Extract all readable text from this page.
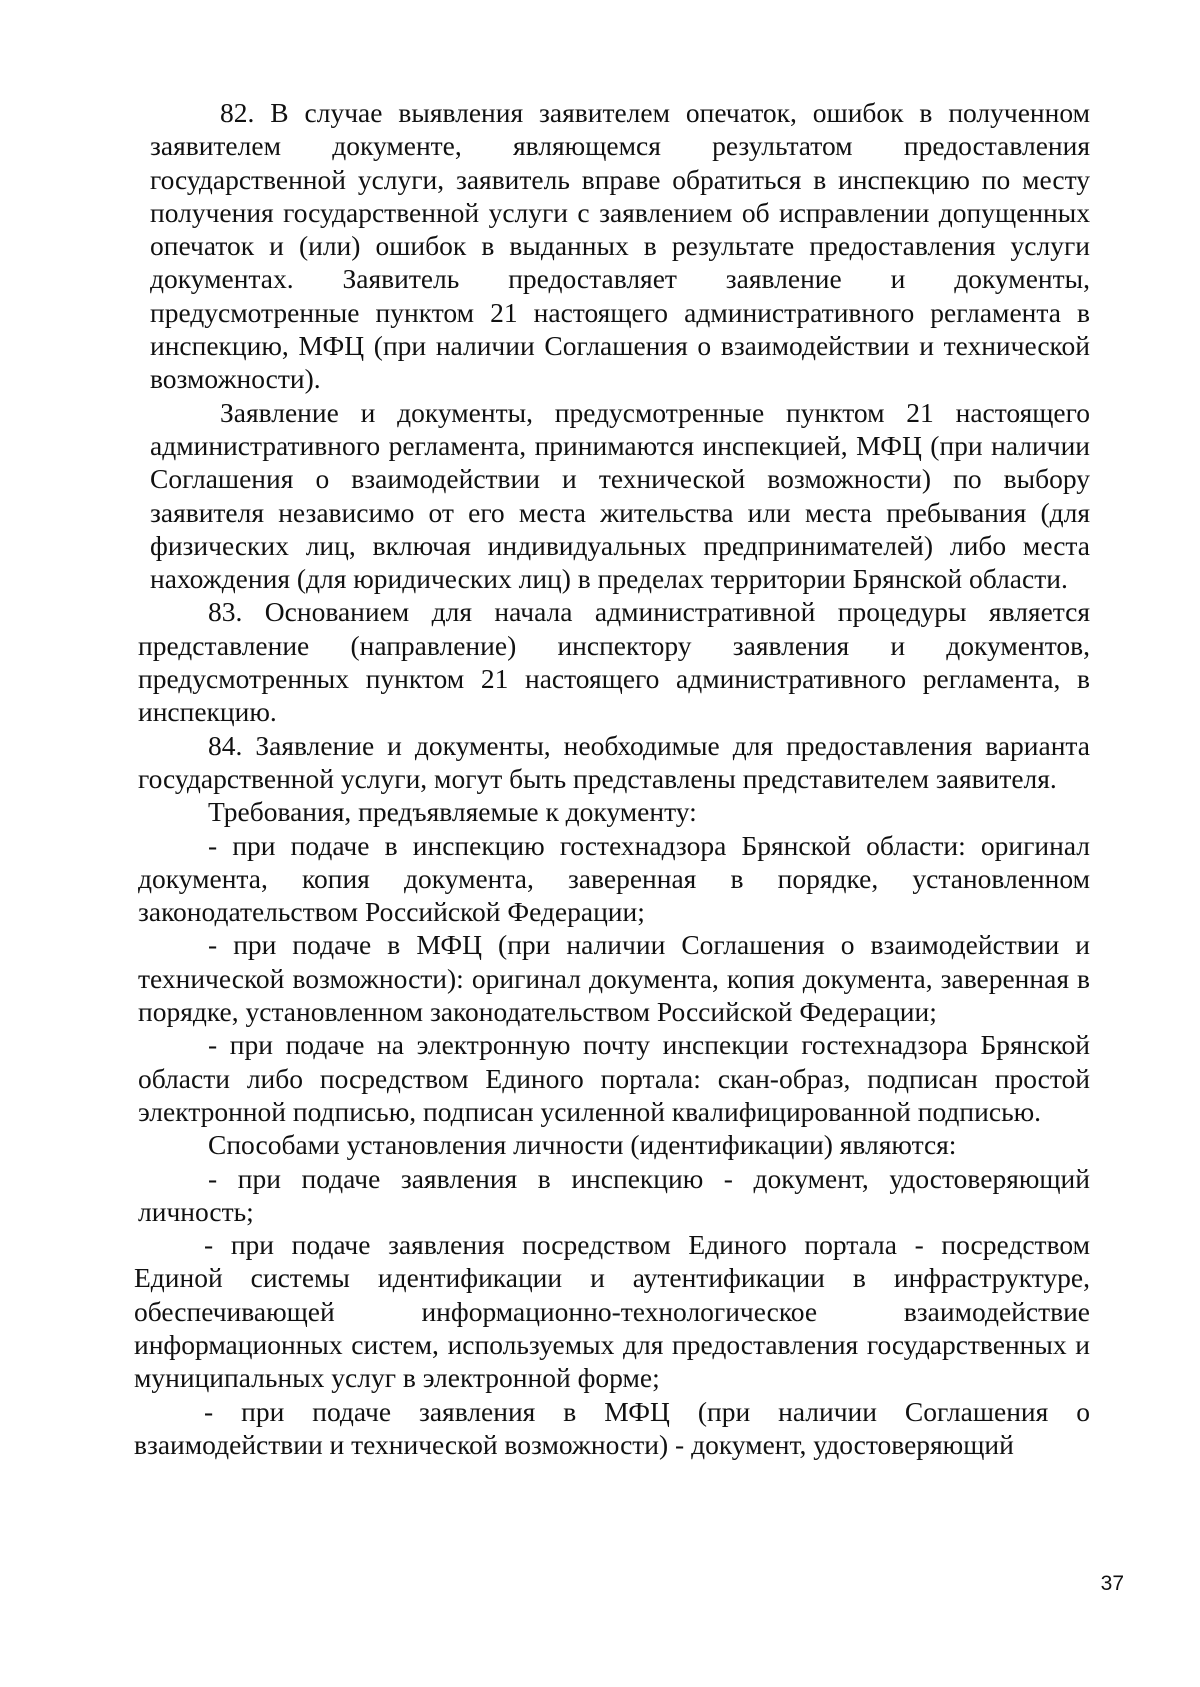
82. В случае выявления заявителем опечаток, ошибок в полученном заявителем документе, являющемся результатом предоставления государственной услуги, заявитель вправе обратиться в инспекцию по месту получения государственной услуги с заявлением об исправлении допущенных опечаток и (или) ошибок в выданных в результате предоставления услуги документах. Заявитель предоставляет заявление и документы, предусмотренные пунктом 21 настоящего административного регламента в инспекцию, МФЦ (при наличии Соглашения о взаимодействии и технической возможности).

Заявление и документы, предусмотренные пунктом 21 настоящего административного регламента, принимаются инспекцией, МФЦ (при наличии Соглашения о взаимодействии и технической возможности) по выбору заявителя независимо от его места жительства или места пребывания (для физических лиц, включая индивидуальных предпринимателей) либо места нахождения (для юридических лиц) в пределах территории Брянской области.

83. Основанием для начала административной процедуры является представление (направление) инспектору заявления и документов, предусмотренных пунктом 21 настоящего административного регламента, в инспекцию.

84. Заявление и документы, необходимые для предоставления варианта государственной услуги, могут быть представлены представителем заявителя.

Требования, предъявляемые к документу:

- при подаче в инспекцию гостехнадзора Брянской области: оригинал документа, копия документа, заверенная в порядке, установленном законодательством Российской Федерации;

- при подаче в МФЦ (при наличии Соглашения о взаимодействии и технической возможности): оригинал документа, копия документа, заверенная в порядке, установленном законодательством Российской Федерации;

- при подаче на электронную почту инспекции гостехнадзора Брянской области либо посредством Единого портала: скан-образ, подписан простой электронной подписью, подписан усиленной квалифицированной подписью.

Способами установления личности (идентификации) являются:

- при подаче заявления в инспекцию - документ, удостоверяющий личность;

- при подаче заявления посредством Единого портала - посредством Единой системы идентификации и аутентификации в инфраструктуре, обеспечивающей информационно-технологическое взаимодействие информационных систем, используемых для предоставления государственных и муниципальных услуг в электронной форме;

- при подаче заявления в МФЦ (при наличии Соглашения о взаимодействии и технической возможности) - документ, удостоверяющий

37
